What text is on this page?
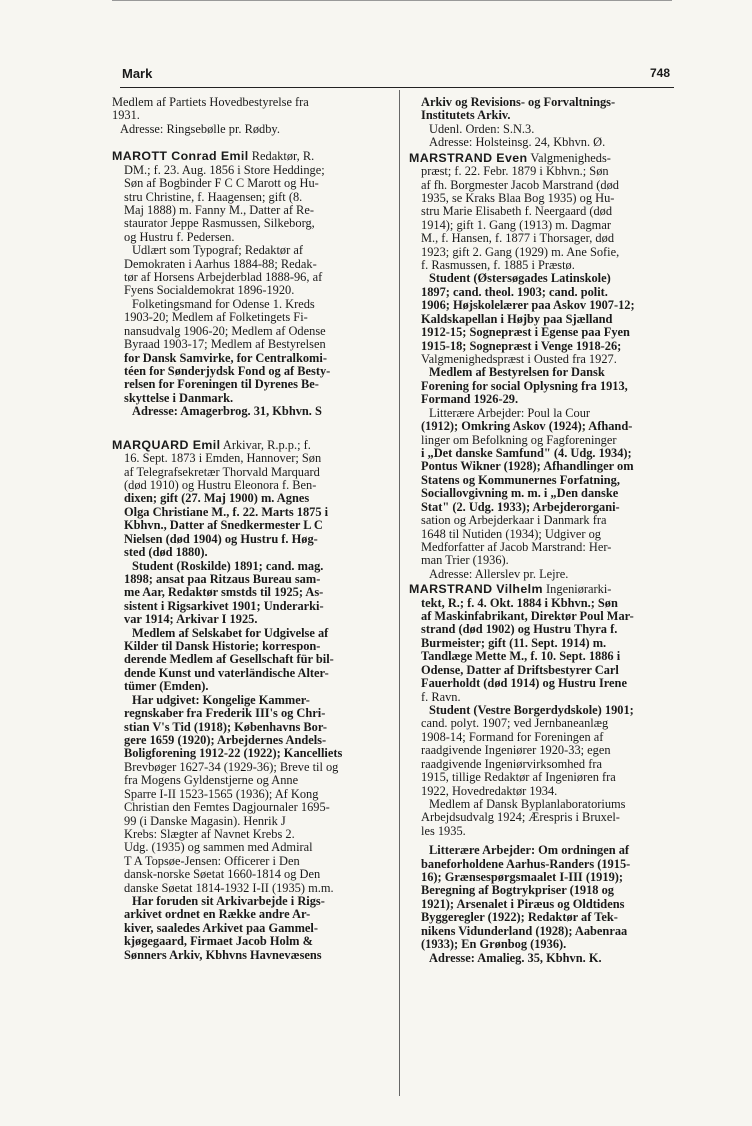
Mark	748
Medlem af Partiets Hovedbestyrelse fra
1931.
Adresse: Ringsebølle pr. Rødby.
MAROTT Conrad Emil Redaktør, R.
DM.; f. 23. Aug. 1856 i Store Heddinge;
Søn af Bogbinder F C C Marott og Hu-
stru Christine, f. Haagensen; gift (8.
Maj 1888) m. Fanny M., Datter af Re-
staurator Jeppe Rasmussen, Silkeborg,
og Hustru f. Pedersen.
Udlært som Typograf; Redaktør af
Demokraten i Aarhus 1884-88; Redak-
tør af Horsens Arbejderblad 1888-96, af
Fyens Socialdemokrat 1896-1920.
Folketingsmand for Odense 1. Kreds
1903-20; Medlem af Folketingets Fi-
nansudvalg 1906-20; Medlem af Odense
Byraad 1903-17; Medlem af Bestyrelsen
for Dansk Samvirke, for Centralkomi-
téen for Sønderjydsk Fond og af Besty-
relsen for Foreningen til Dyrenes Be-
skyttelse i Danmark.
Adresse: Amagerbrog. 31, Kbhvn. S
MARQUARD Emil Arkivar, R.p.p.; f.
16. Sept. 1873 i Emden, Hannover; Søn
af Telegrafsekretær Thorvald Marquard
(død 1910) og Hustru Eleonora f. Ben-
dixen; gift (27. Maj 1900) m. Agnes
Olga Christiane M., f. 22. Marts 1875 i
Kbhvn., Datter af Snedkermester L C
Nielsen (død 1904) og Hustru f. Høg-
sted (død 1880).
Student (Roskilde) 1891; cand. mag.
1898; ansat paa Ritzaus Bureau sam-
me Aar, Redaktør smstds til 1925; As-
sistent i Rigsarkivet 1901; Underarki-
var 1914; Arkivar I 1925.
Medlem af Selskabet for Udgivelse af
Kilder til Dansk Historie; korrespon-
derende Medlem af Gesellschaft für bil-
dende Kunst und vaterländische Alter-
tümer (Emden).
Har udgivet: Kongelige Kammer-
regnskaber fra Frederik III's og Chri-
stian V's Tid (1918); Københavns Bor-
gere 1659 (1920); Arbejdernes Andels-
Boligforening 1912-22 (1922); Kancelliets
Brevbøger 1627-34 (1929-36); Breve til og
fra Mogens Gyldenstjerne og Anne
Sparre I-II 1523-1565 (1936); Af Kong
Christian den Femtes Dagjournaler 1695-
99 (i Danske Magasin). Henrik J
Krebs: Slægter af Navnet Krebs 2.
Udg. (1935) og sammen med Admiral
T A Topsøe-Jensen: Officerer i Den
dansk-norske Søetat 1660-1814 og Den
danske Søetat 1814-1932 I-II (1935) m.m.
Har foruden sit Arkivarbejde i Rigs-
arkivet ordnet en Række andre Ar-
kiver, saaledes Arkivet paa Gammel-
kjøgegaard, Firmaet Jacob Holm &
Sønners Arkiv, Kbhvns Havnevæsens
Arkiv og Revisions- og Forvaltnings-
Institutets Arkiv.
Udenl. Orden: S.N.3.
Adresse: Holsteinsg. 24, Kbhvn. Ø.
MARSTRAND Even Valgmenigheds-
præst; f. 22. Febr. 1879 i Kbhvn.; Søn
af fh. Borgmester Jacob Marstrand (død
1935, se Kraks Blaa Bog 1935) og Hu-
stru Marie Elisabeth f. Neergaard (død
1914); gift 1. Gang (1913) m. Dagmar
M., f. Hansen, f. 1877 i Thorsager, død
1923; gift 2. Gang (1929) m. Ane Sofie,
f. Rasmussen, f. 1885 i Præstø.
Student (Østersøgades Latinskole)
1897; cand. theol. 1903; cand. polit.
1906; Højskolelærer paa Askov 1907-12;
Kaldskapellan i Højby paa Sjælland
1912-15; Sognepræst i Egense paa Fyen
1915-18; Sognepræst i Venge 1918-26;
Valgmenighedspræst i Ousted fra 1927.
Medlem af Bestyrelsen for Dansk
Forening for social Oplysning fra 1913,
Formand 1926-29.
Litterære Arbejder: Poul la Cour
(1912); Omkring Askov (1924); Afhand-
linger om Befolkning og Fagforeninger
i „Det danske Samfund" (4. Udg. 1934);
Pontus Wikner (1928); Afhandlinger om
Statens og Kommunernes Forfatning,
Sociallovgivning m. m. i „Den danske
Stat" (2. Udg. 1933); Arbejderorgani-
sation og Arbejderkaar i Danmark fra
1648 til Nutiden (1934); Udgiver og
Medforfatter af Jacob Marstrand: Her-
man Trier (1936).
Adresse: Allerslev pr. Lejre.
MARSTRAND Vilhelm Ingeniørarki-
tekt, R.; f. 4. Okt. 1884 i Kbhvn.; Søn
af Maskinfabrikant, Direktør Poul Mar-
strand (død 1902) og Hustru Thyra f.
Burmeister; gift (11. Sept. 1914) m.
Tandlæge Mette M., f. 10. Sept. 1886 i
Odense, Datter af Driftsbestyrer Carl
Fauerholdt (død 1914) og Hustru Irene
f. Ravn.
Student (Vestre Borgerdydskole) 1901;
cand. polyt. 1907; ved Jernbaneanlæg
1908-14; Formand for Foreningen af
raadgivende Ingeniører 1920-33; egen
raadgivende Ingeniørvirksomhed fra
1915, tillige Redaktør af Ingeniøren fra
1922, Hovedredaktør 1934.
Medlem af Dansk Byplanlaboratoriums
Arbejdsudvalg 1924; Ærespris i Bruxel-
les 1935.
Litterære Arbejder: Om ordningen af
baneforholdene Aarhus-Randers (1915-
16); Grænsespørgsmaalet I-III (1919);
Beregning af Bogtrykpriser (1918 og
1921); Arsenalet i Piræus og Oldtidens
Byggeregler (1922); Redaktør af Tek-
nikens Vidunderland (1928); Aabenraa
(1933); En Grønbog (1936).
Adresse: Amalieg. 35, Kbhvn. K.
